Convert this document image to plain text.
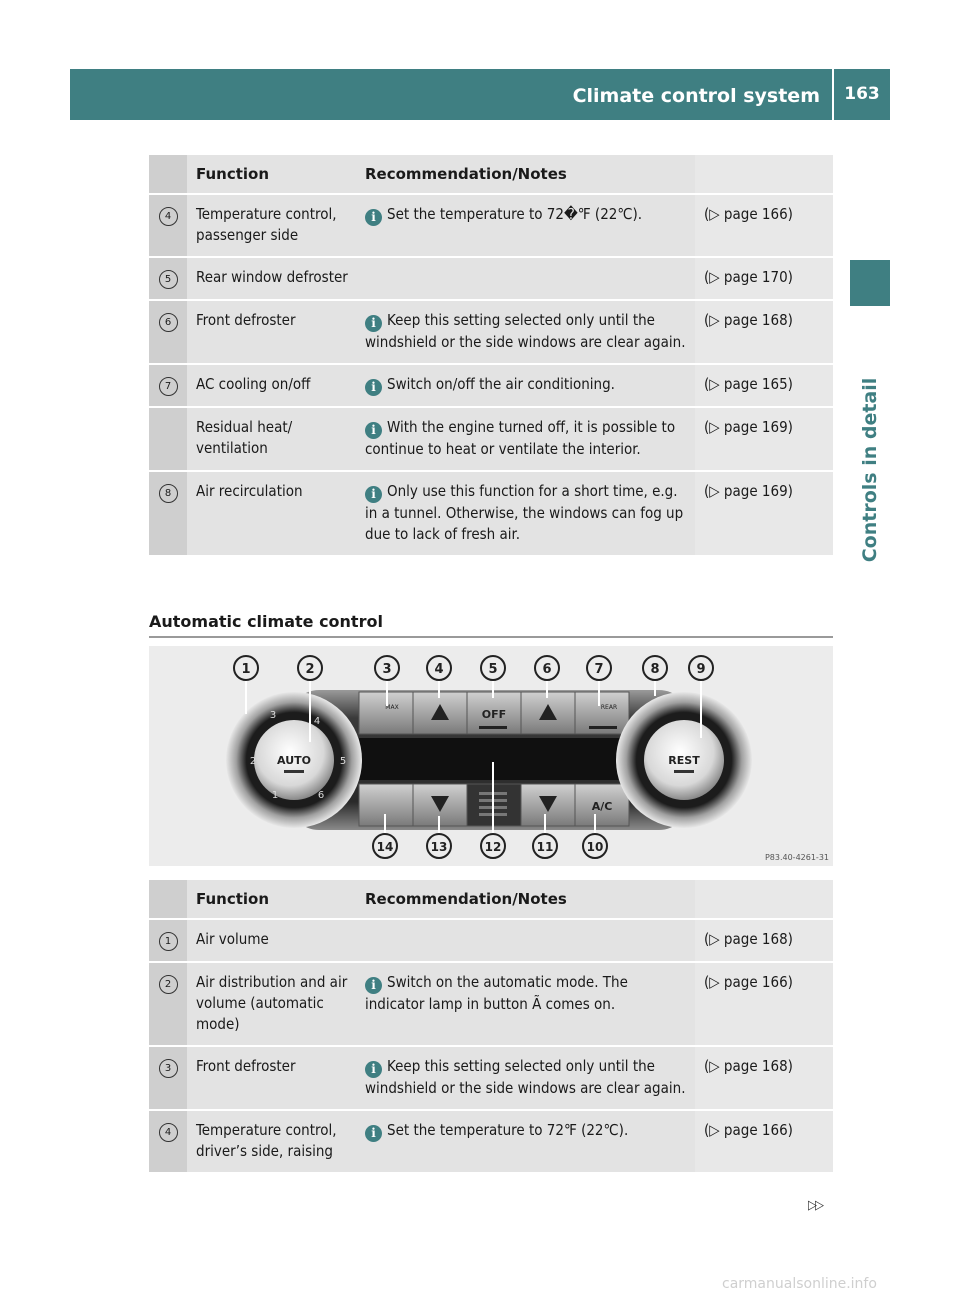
Climate control system	163
Controls in detail
	Function	Recommendation/Notes	
4	Temperature control, passenger side	i Set the temperature to 72�℉ (22℃).	(▷ page 166)
5	Rear window defroster		(▷ page 170)
6	Front defroster	i Keep this setting selected only until the windshield or the side windows are clear again.	(▷ page 168)
7	AC cooling on/off	i Switch on/off the air conditioning.	(▷ page 165)
	Residual heat/ ventilation	i With the engine turned off, it is possible to continue to heat or ventilate the interior.	(▷ page 169)
8	Air recirculation	i Only use this function for a short time, e.g. in a tunnel. Otherwise, the windows can fog up due to lack of fresh air.	(▷ page 169)
Automatic climate control
OFF
MAX	REAR
A/C
AUTO
1
2
3
4
5
6
REST
1	2	3	4	5	6	7	8	9
14	13	12	11	10
P83.40-4261-31
	Function	Recommendation/Notes	
1	Air volume		(▷ page 168)
2	Air distribution and air volume (automatic mode)	i Switch on the automatic mode. The indicator lamp in button Ã comes on.	(▷ page 166)
3	Front defroster	i Keep this setting selected only until the windshield or the side windows are clear again.	(▷ page 168)
4	Temperature control, driver’s side, raising	i Set the temperature to 72℉ (22℃).	(▷ page 166)
▷▷
carmanualsonline.info
